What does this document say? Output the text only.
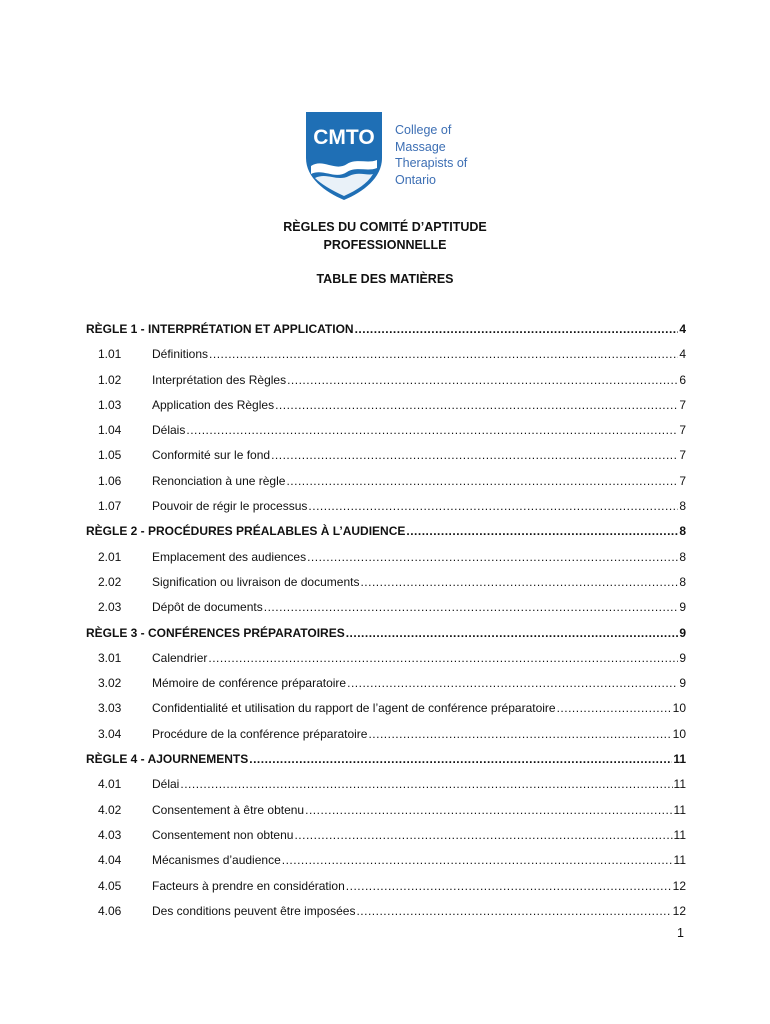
CMTO College of
Massage
Therapists of
Ontario
RÈGLES DU COMITÉ D’APTITUDE
PROFESSIONNELLE
TABLE DES MATIÈRES
RÈGLE 1 - INTERPRÉTATION ET APPLICATION .....	4
1.01	Définitions .....	4
1.02	Interprétation des Règles .....	6
1.03	Application des Règles .....	7
1.04	Délais .....	7
1.05	Conformité sur le fond .....	7
1.06	Renonciation à une règle .....	7
1.07	Pouvoir de régir le processus .....	8
RÈGLE 2 - PROCÉDURES PRÉALABLES À L’AUDIENCE .....	8
2.01	Emplacement des audiences .....	8
2.02	Signification ou livraison de documents .....	8
2.03	Dépôt de documents .....	9
RÈGLE 3 - CONFÉRENCES PRÉPARATOIRES .....	9
3.01	Calendrier .....	9
3.02	Mémoire de conférence préparatoire .....	9
3.03	Confidentialité et utilisation du rapport de l’agent de conférence préparatoire .....	10
3.04	Procédure de la conférence préparatoire .....	10
RÈGLE 4 - AJOURNEMENTS .....	11
4.01	Délai .....	11
4.02	Consentement à être obtenu .....	11
4.03	Consentement non obtenu .....	11
4.04	Mécanismes d’audience .....	11
4.05	Facteurs à prendre en considération .....	12
4.06	Des conditions peuvent être imposées .....	12
1
